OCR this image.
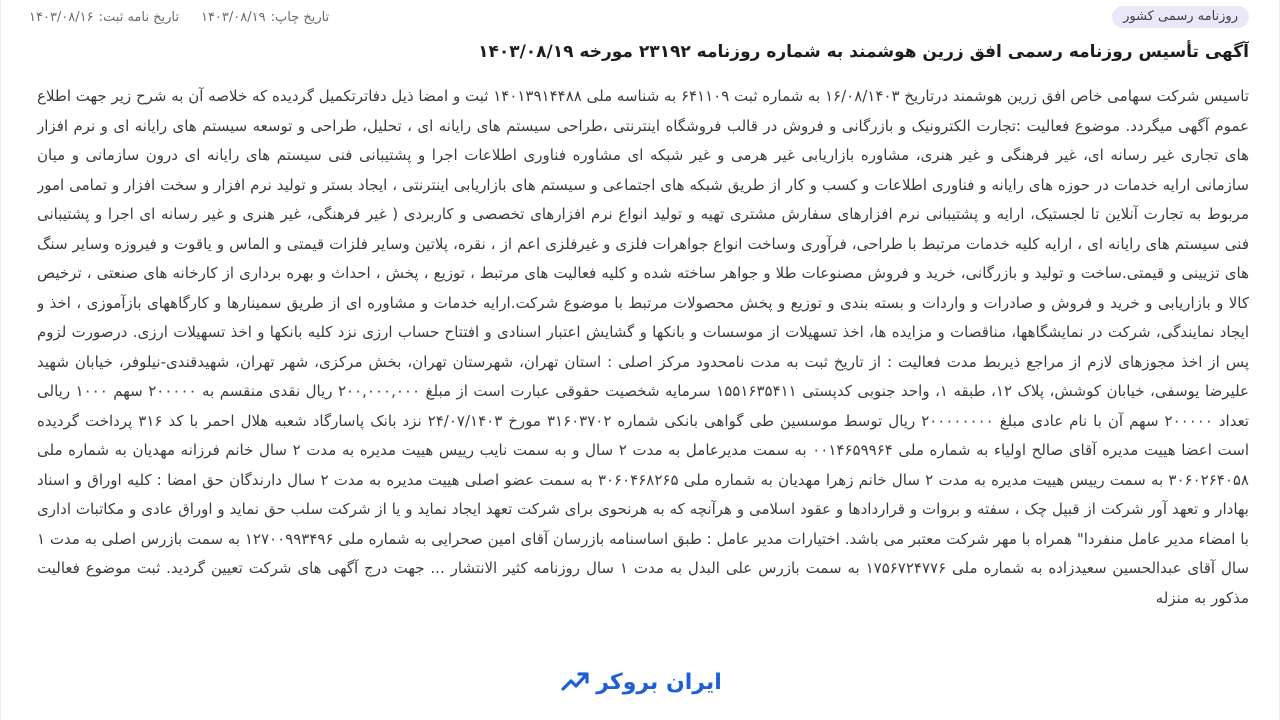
روزنامه رسمی کشور
تاریخ چاپ:
۱۴۰۳/۰۸/۱۹
تاریخ نامه ثبت:
۱۴۰۳/۰۸/۱۶
آگهی تأسیس روزنامه رسمی افق زرین هوشمند به شماره روزنامه ۲۳۱۹۲ مورخه ۱۴۰۳/۰۸/۱۹

تاسیس شرکت سهامی خاص افق زرین هوشمند درتاریخ ۱۶/۰۸/۱۴۰۳ به شماره ثبت ۶۴۱۱۰۹ به شناسه ملی ۱۴۰۱۳۹۱۴۴۸۸ ثبت و امضا ذیل دفاترتکمیل گردیده که خلاصه آن به شرح زیر جهت اطلاع عموم آگهی میگردد. موضوع فعالیت :تجارت الکترونیک و بازرگانی و فروش در قالب فروشگاه اینترنتی ،طراحی سیستم های رایانه ای ، تحلیل، طراحی و توسعه سیستم های رایانه ای و نرم افزار های تجاری غیر رسانه ای، غیر فرهنگی و غیر هنری، مشاوره بازاریابی غیر هرمی و غیر شبکه ای مشاوره فناوری اطلاعات اجرا و پشتیبانی فنی سیستم های رایانه ای درون سازمانی و میان سازمانی ارایه خدمات در حوزه های رایانه و فناوری اطلاعات و کسب و کار از طریق شبکه های اجتماعی و سیستم های بازاریابی اینترنتی ، ایجاد بستر و تولید نرم افزار و سخت افزار و تمامی امور مربوط به تجارت آنلاین تا لجستیک، ارایه و پشتیبانی نرم افزارهای سفارش مشتری تهیه و تولید انواع نرم افزارهای تخصصی و کاربردی ( غیر فرهنگی، غیر هنری و غیر رسانه ای اجرا و پشتیبانی فنی سیستم های رایانه ای ، ارایه کلیه خدمات مرتبط با طراحی، فرآوری وساخت انواع جواهرات فلزی و غیرفلزی اعم از ، نقره، پلاتین وسایر فلزات قیمتی و الماس و یاقوت و فیروزه وسایر سنگ های تزیینی و قیمتی.ساخت و تولید و بازرگانی، خرید و فروش مصنوعات طلا و جواهر ساخته شده و کلیه فعالیت های مرتبط ، توزیع ، پخش ، احداث و بهره برداری از کارخانه های صنعتی ، ترخیص کالا و بازاریابی و خرید و فروش و صادرات و واردات و بسته بندی و توزیع و پخش محصولات مرتبط با موضوع شرکت.ارایه خدمات و مشاوره ای از طریق سمینارها و کارگاههای بازآموزی ، اخذ و ایجاد نمایندگی، شرکت در نمایشگاهها، مناقصات و مزایده ها، اخذ تسهیلات از موسسات و بانکها و گشایش اعتبار اسنادی و افتتاح حساب ارزی نزد کلیه بانکها و اخذ تسهیلات ارزی. درصورت لزوم پس از اخذ مجوزهای لازم از مراجع ذیربط مدت فعالیت : از تاریخ ثبت به مدت نامحدود مرکز اصلی : استان تهران، شهرستان تهران، بخش مرکزی، شهر تهران، شهیدقندی-نیلوفر، خیابان شهید علیرضا یوسفی، خیابان کوشش، پلاک ۱۲، طبقه ۱، واحد جنوبی کدپستی ۱۵۵۱۶۳۵۴۱۱ سرمایه شخصیت حقوقی عبارت است از مبلغ ۲۰۰,۰۰۰,۰۰۰ ریال نقدی منقسم به ۲۰۰۰۰۰ سهم ۱۰۰۰ ریالی تعداد ۲۰۰۰۰۰ سهم آن با نام عادی مبلغ ۲۰۰۰۰۰۰۰۰ ریال توسط موسسین طی گواهی بانکی شماره ۳۱۶۰۳۷۰۲ مورخ ۲۴/۰۷/۱۴۰۳ نزد بانک پاسارگاد شعبه هلال احمر با کد ۳۱۶ پرداخت گردیده است اعضا هییت مدیره آقای صالح اولیاء به شماره ملی ۰۰۱۴۶۵۹۹۶۴ به سمت مدیرعامل به مدت ۲ سال و به سمت نایب رییس هییت مدیره به مدت ۲ سال خانم فرزانه مهدیان به شماره ملی ۳۰۶۰۲۶۴۰۵۸ به سمت رییس هییت مدیره به مدت ۲ سال خانم زهرا مهدیان به شماره ملی ۳۰۶۰۴۶۸۲۶۵ به سمت عضو اصلی هییت مدیره به مدت ۲ سال دارندگان حق امضا : کلیه اوراق و اسناد بهادار و تعهد آور شرکت از قبیل چک ، سفته و بروات و قراردادها و عقود اسلامی و هرآنچه که به هرنحوی برای شرکت تعهد ایجاد نماید و یا از شرکت سلب حق نماید و اوراق عادی و مکاتبات اداری با امضاء مدیر عامل منفردا" همراه با مهر شرکت معتبر می باشد. اختیارات مدیر عامل : طبق اساسنامه بازرسان آقای امین صحرایی به شماره ملی ۱۲۷۰۰۹۹۳۴۹۶ به سمت بازرس اصلی به مدت ۱ سال آقای عبدالحسین سعیدزاده به شماره ملی ۱۷۵۶۷۲۴۷۷۶ به سمت بازرس علی البدل به مدت ۱ سال روزنامه کثیر الانتشار ... جهت درج آگهی های شرکت تعیین گردید. ثبت موضوع فعالیت مذکور به منزله

ایران بروکر
